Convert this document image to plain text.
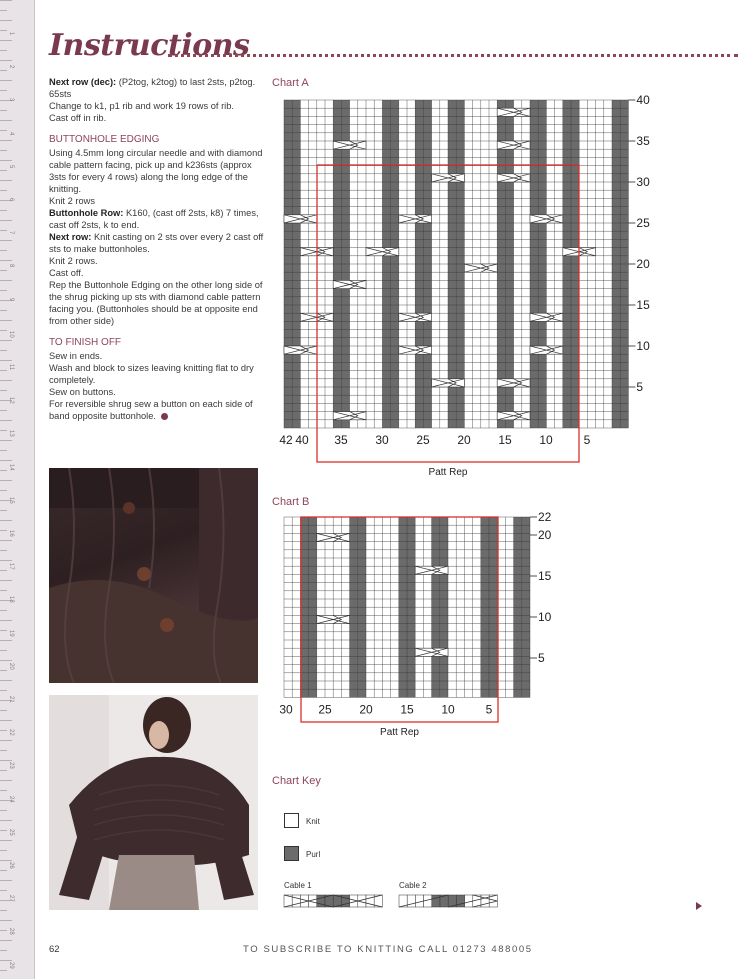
1
2
3
4
5
6
7
8
9
10
11
12
13
14
15
16
17
18
19
20
21
22
23
24
25
26
27
28
29
Instructions

Next row (dec): (P2tog, k2tog) to last 2sts, p2tog. 65sts

Change to k1, p1 rib and work 19 rows of rib.

Cast off in rib.

BUTTONHOLE EDGING

Using 4.5mm long circular needle and with diamond cable pattern facing, pick up and k236sts (approx 3sts for every 4 rows) along the long edge of the knitting.

Knit 2 rows

Buttonhole Row: K160, (cast off 2sts, k8) 7 times, cast off 2sts, k to end.

Next row: Knit casting on 2 sts over every 2 cast off sts to make buttonholes.

Knit 2 rows.

Cast off.

Rep the Buttonhole Edging on the other long side of the shrug picking up sts with diamond cable pattern facing you. (Buttonholes should be at opposite end from other side)

TO FINISH OFF

Sew in ends.

Wash and block to sizes leaving knitting flat to dry completely.

Sew on buttons.

For reversible shrug sew a button on each side of band opposite buttonhole.

Chart A
Patt Rep
42 40 35 30 25 20 15 10	5
40
35
30
25
20
15
10
5
Chart B
Patt Rep
30 25 20 15 10	5
22
20
15
10
5
Chart Key
Knit
Purl
Cable 1	Cable 2
62	TO SUBSCRIBE TO KNITTING CALL 01273 488005
